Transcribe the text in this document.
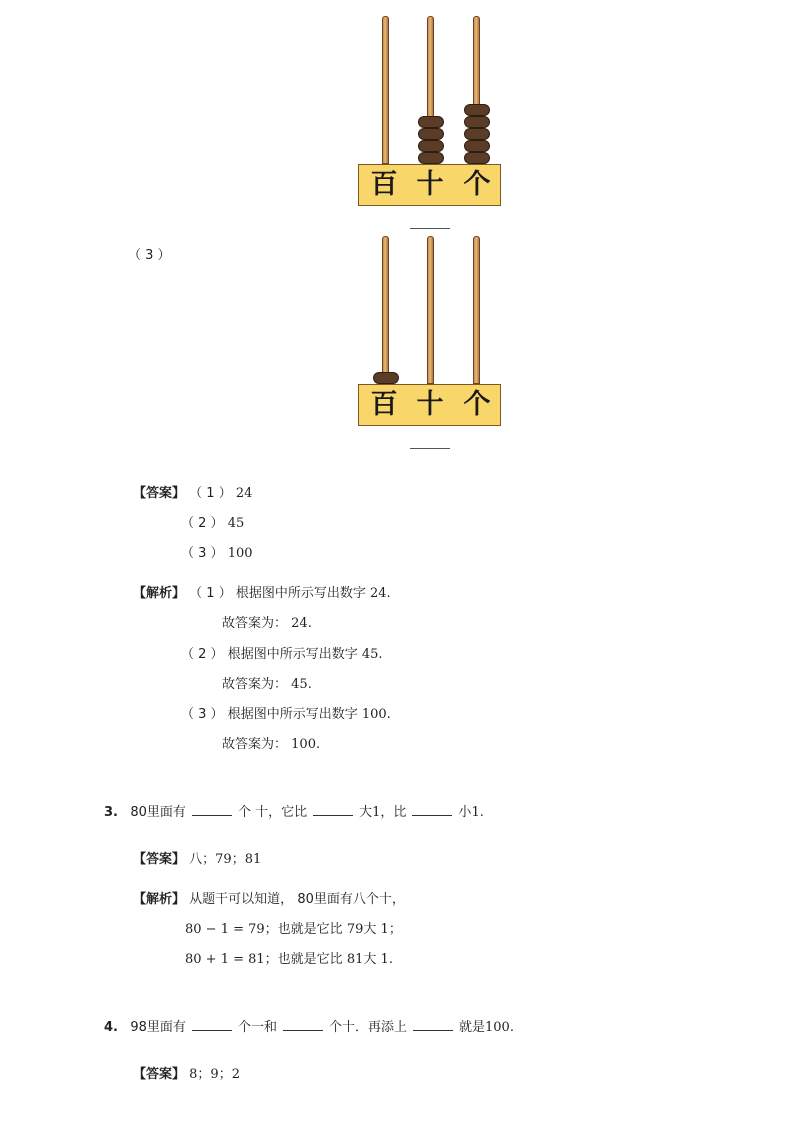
百 十 个
（ 3 ）
百 十 个
【答案】 （ 1 ） 24
（ 2 ） 45
（ 3 ） 100
【解析】 （ 1 ） 根据图中所示写出数字 24.
故答案为： 24.
（ 2 ） 根据图中所示写出数字 45.
故答案为： 45.
（ 3 ） 根据图中所示写出数字 100.
故答案为： 100.
3. 80里面有	个 十，它比	大1，比	小1.
【答案】 八；79；81
【解析】 从题干可以知道， 80里面有八个十，
80 − 1 = 79；也就是它比 79大 1；
80 + 1 = 81；也就是它比 81大 1.
4. 98里面有	个一和	个十．再添上	就是100.
【答案】 8；9；2
